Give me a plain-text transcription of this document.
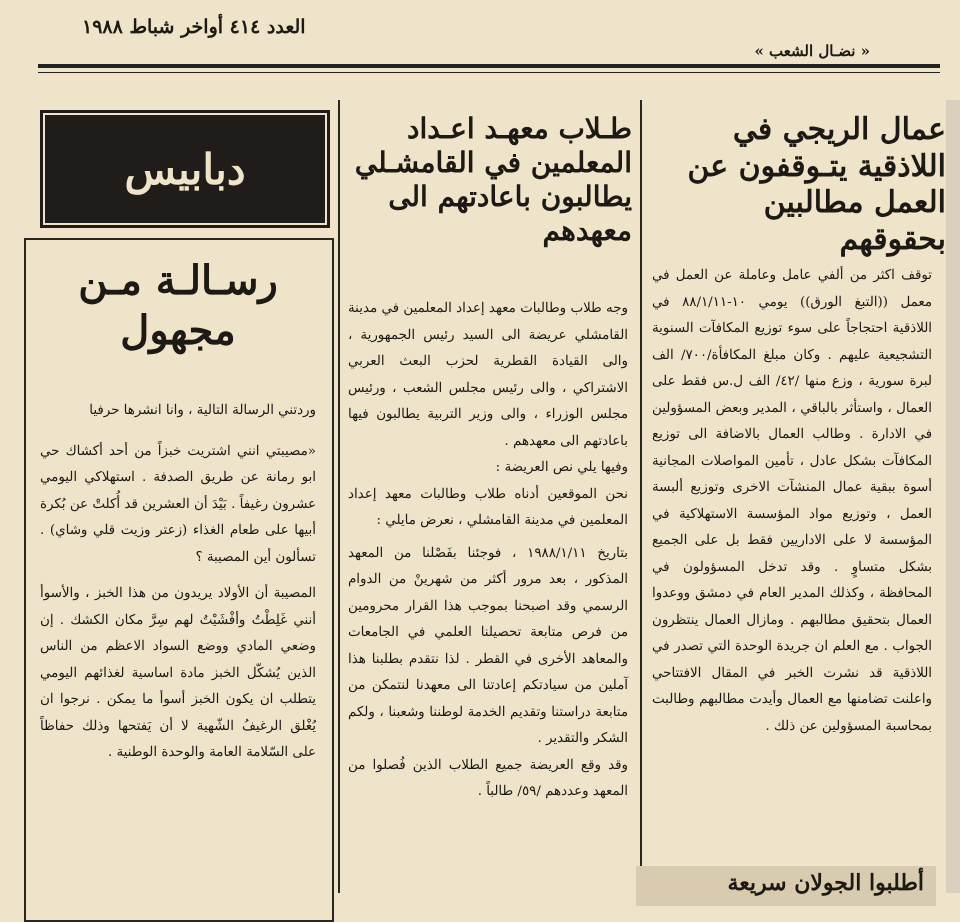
العدد ٤١٤ أواخر شباط ١٩٨٨
« نضـال الشعب »
عمال الريجي في اللاذقية يتـوقفون عن العمل مطالبين بحقوقهم
توقف اكثر من ألفي عامل وعاملة عن العمل في معمل ((التبغ الورق)) يومي ١٠-٨٨/١/١١ في اللاذقية احتجاجاً على سوء توزيع المكافآت السنوية التشجيعية عليهم . وكان مبلغ المكافأة/٧٠٠/ الف لبرة سورية ، وزع منها /٤٢/ الف ل.س فقط على العمال ، واستأثر بالباقي ، المدير وبعض المسؤولين في الادارة . وطالب العمال بالاضافة الى توزيع المكافآت بشكل عادل ، تأمين المواصلات المجانية أسوة ببقية عمال المنشآت الاخرى وتوزيع ألبسة العمل ، وتوزيع مواد المؤسسة الاستهلاكية في المؤسسة لا على الاداريين فقط بل على الجميع بشكل متساوٍ . وقد تدخل المسؤولون في المحافظة ، وكذلك المدير العام في دمشق ووعدوا العمال بتحقيق مطالبهم . ومازال العمال ينتظرون الجواب . مع العلم ان جريدة الوحدة التي تصدر في اللاذقية قد نشرت الخبر في المقال الافتتاحي واعلنت تضامنها مع العمال وأيدت مطالبهم وطالبت بمحاسبة المسؤولين عن ذلك .
طـلاب معهـد اعـداد المعلمين في القامشـلي يطالبون باعادتهم الى معهدهم
وجه طلاب وطالبات معهد إعداد المعلمين في مدينة القامشلي عريضة الى السيد رئيس الجمهورية ، والى القيادة القطرية لحزب البعث العربي الاشتراكي ، والى رئيس مجلس الشعب ، ورئيس مجلس الوزراء ، والى وزير التربية يطالبون فيها باعادتهم الى معهدهم .
وفيها يلي نص العريضة :
نحن الموقعين أدناه طلاب وطالبات معهد إعداد المعلمين في مدينة القامشلي ، نعرض مايلي :
بتاريخ ١٩٨٨/١/١١ ، فوجئنا بفَصْلنا من المعهد المذكور ، بعد مرور أكثر من شهرينْ من الدوام الرسمي وقد اصبحنا بموجب هذا القرار محرومين من فرص متابعة تحصيلنا العلمي في الجامعات والمعاهد الأخرى في القطر . لذا نتقدم بطلبنا هذا آملين من سيادتكم إعادتنا الى معهدنا لنتمكن من متابعة دراستنا وتقديم الخدمة لوطننا وشعبنا ، ولكم الشكر والتقدير .
وقد وقع العريضة جميع الطلاب الذين فُصلوا من المعهد وعددهم /٥٩/ طالباً .
دبابيس
رسـالـة مـن مجهول
وردتني الرسالة التالية ، وانا انشرها حرفيا
«مصيبتي انني اشتريت خبزاً من أحد أكشاك حي ابو رمانة عن طريق الصدفة . استهلاكي اليومي عشرون رغيفاً . بَيْدَ أن العشرين قد أُكلتْ عن بُكرة أبيها على طعام الغذاء (زعتر وزيت قلي وشاي) . تسألون أين المصيبة ؟
المصيبة أن الأولاد يريدون من هذا الخبز ، والأسوأ أنني غَلِطْتُ وأفْشَيْتُ لهم سِرَّ مكان الكشك . إن وضعي المادي ووضع السواد الاعظم من الناس الذين يُشكّل الخبز مادة اساسية لغذائهم اليومي يتطلب ان يكون الخبز أسوأ ما يمكن . نرجوا ان يُغْلق الرغيفُ الشّهية لا أن يَفتحها وذلك حفاظاً على السّلامة العامة والوحدة الوطنية .
أطلبوا الجولان سريعة
